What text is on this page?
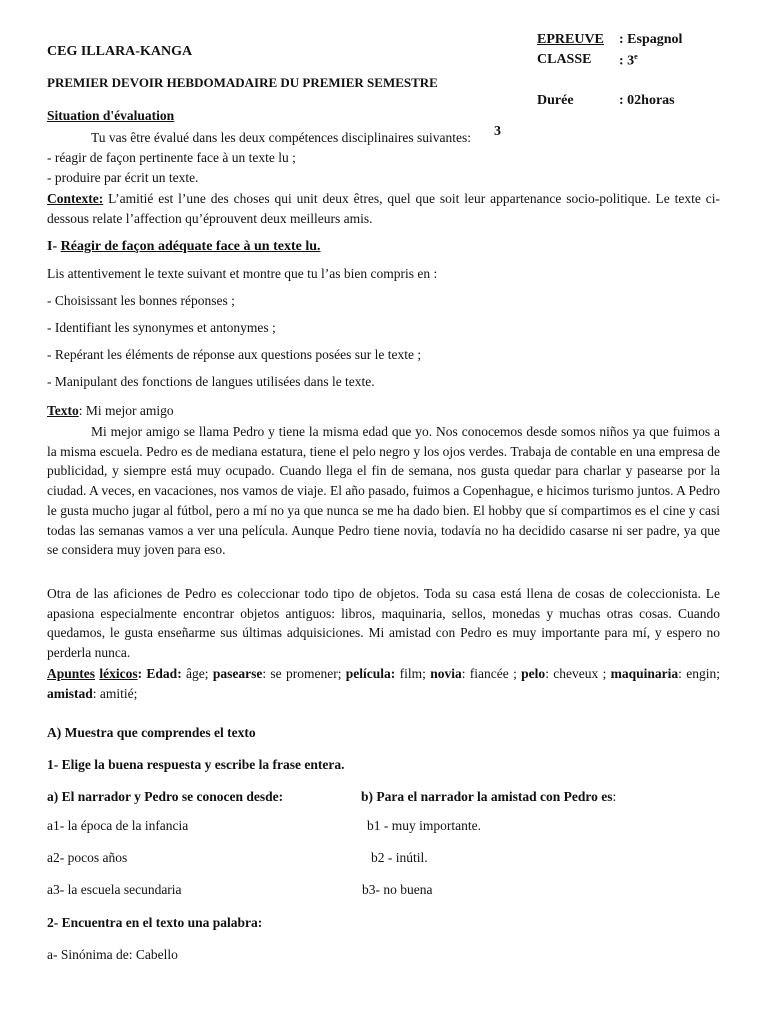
CEG ILLARA-KANGA
EPREUVE : Espagnol
CLASSE : 3e
PREMIER DEVOIR HEBDOMADAIRE DU PREMIER SEMESTRE
Durée	: 02horas
Situation d'évaluation
3
Tu vas être évalué dans les deux compétences disciplinaires suivantes:
- réagir de façon pertinente face à un texte lu ;
- produire par écrit un texte.
Contexte: L’amitié est l’une des choses qui unit deux êtres, quel que soit leur appartenance socio-politique. Le texte ci-dessous relate l’affection qu’éprouvent deux meilleurs amis.
I- Réagir de façon adéquate face à un texte lu.
Lis attentivement le texte suivant et montre que tu l’as bien compris en :
- Choisissant les bonnes réponses ;
- Identifiant les synonymes et antonymes ;
- Repérant les éléments de réponse aux questions posées sur le texte ;
- Manipulant des fonctions de langues utilisées dans le texte.
Texto: Mi mejor amigo
Mi mejor amigo se llama Pedro y tiene la misma edad que yo. Nos conocemos desde somos niños ya que fuimos a la misma escuela. Pedro es de mediana estatura, tiene el pelo negro y los ojos verdes. Trabaja de contable en una empresa de publicidad, y siempre está muy ocupado. Cuando llega el fin de semana, nos gusta quedar para charlar y pasearse por la ciudad. A veces, en vacaciones, nos vamos de viaje. El año pasado, fuimos a Copenhague, e hicimos turismo juntos. A Pedro le gusta mucho jugar al fútbol, pero a mí no ya que nunca se me ha dado bien. El hobby que sí compartimos es el cine y casi todas las semanas vamos a ver una película. Aunque Pedro tiene novia, todavía no ha decidido casarse ni ser padre, ya que se considera muy joven para eso.
Otra de las aficiones de Pedro es coleccionar todo tipo de objetos. Toda su casa está llena de cosas de coleccionista. Le apasiona especialmente encontrar objetos antiguos: libros, maquinaria, sellos, monedas y muchas otras cosas. Cuando quedamos, le gusta enseñarme sus últimas adquisiciones. Mi amistad con Pedro es muy importante para mí, y espero no perderla nunca.
Apuntes léxicos: Edad: âge; pasearse: se promener; película: film; novia: fiancée ; pelo: cheveux ; maquinaria: engin; amistad: amitié;
A) Muestra que comprendes el texto
1- Elige la buena respuesta y escribe la frase entera.
a) El narrador y Pedro se conocen desde:	b) Para el narrador la amistad con Pedro es:
a1- la época de la infancia	b1 - muy importante.
a2- pocos años	b2 - inútil.
a3- la escuela secundaria	b3- no buena
2- Encuentra en el texto una palabra:
a- Sinónima de: Cabello
